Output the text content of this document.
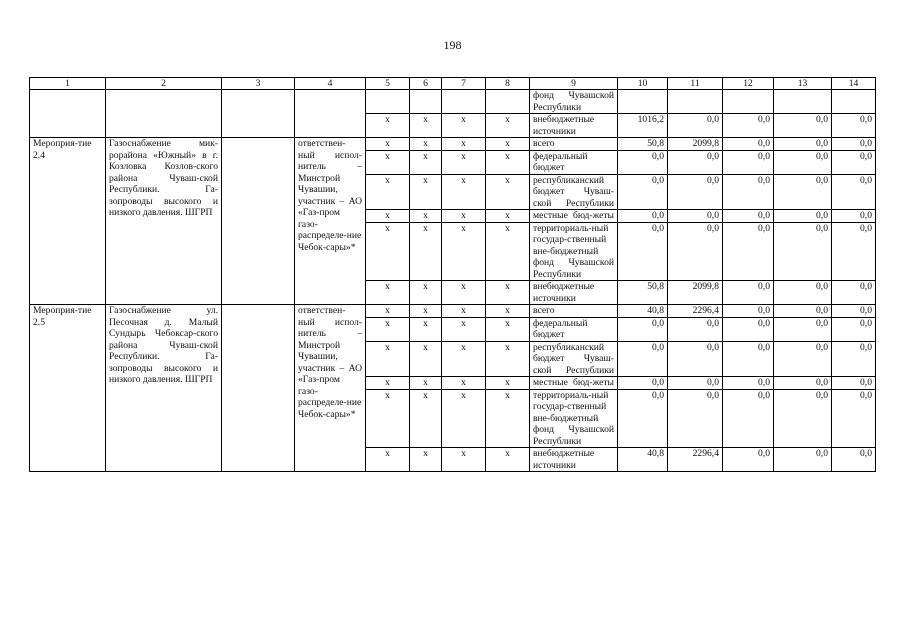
198
1	2	3	4	5	6	7	8	9	10	11	12	13	14
								фонд Чувашской Республики					
				x	x	x	x	внебюджетные источники	1016,2	0,0	0,0	0,0	0,0
Мероприя-тие 2.4	Газоснабжение мик-рорайона «Южный» в г. Козловка Козлов-ского района Чуваш-ской Республики. Га-зопроводы высокого и низкого давления. ШГРП		ответствен-ный испол-нитель – Минстрой Чувашии, участник – АО «Газ-пром газо-распределе-ние Чебок-сары»*	x	x	x	x	всего	50,8	2099,8	0,0	0,0	0,0
				x	x	x	x	федеральный бюджет	0,0	0,0	0,0	0,0	0,0
				x	x	x	x	республиканский бюджет Чуваш-ской Республики	0,0	0,0	0,0	0,0	0,0
				x	x	x	x	местные бюд-жеты	0,0	0,0	0,0	0,0	0,0
				x	x	x	x	территориаль-ный государ-ственный вне-бюджетный фонд Чувашской Республики	0,0	0,0	0,0	0,0	0,0
				x	x	x	x	внебюджетные источники	50,8	2099,8	0,0	0,0	0,0
Мероприя-тие 2.5	Газоснабжение ул. Песочная д. Малый Сундырь Чебоксар-ского района Чуваш-ской Республики. Га-зопроводы высокого и низкого давления. ШГРП		ответствен-ный испол-нитель – Минстрой Чувашии, участник – АО «Газ-пром газо-распределе-ние Чебок-сары»*	x	x	x	x	всего	40,8	2296,4	0,0	0,0	0,0
				x	x	x	x	федеральный бюджет	0,0	0,0	0,0	0,0	0,0
				x	x	x	x	республиканский бюджет Чуваш-ской Республики	0,0	0,0	0,0	0,0	0,0
				x	x	x	x	местные бюд-жеты	0,0	0,0	0,0	0,0	0,0
				x	x	x	x	территориаль-ный государ-ственный вне-бюджетный фонд Чувашской Республики	0,0	0,0	0,0	0,0	0,0
				x	x	x	x	внебюджетные источники	40,8	2296,4	0,0	0,0	0,0
